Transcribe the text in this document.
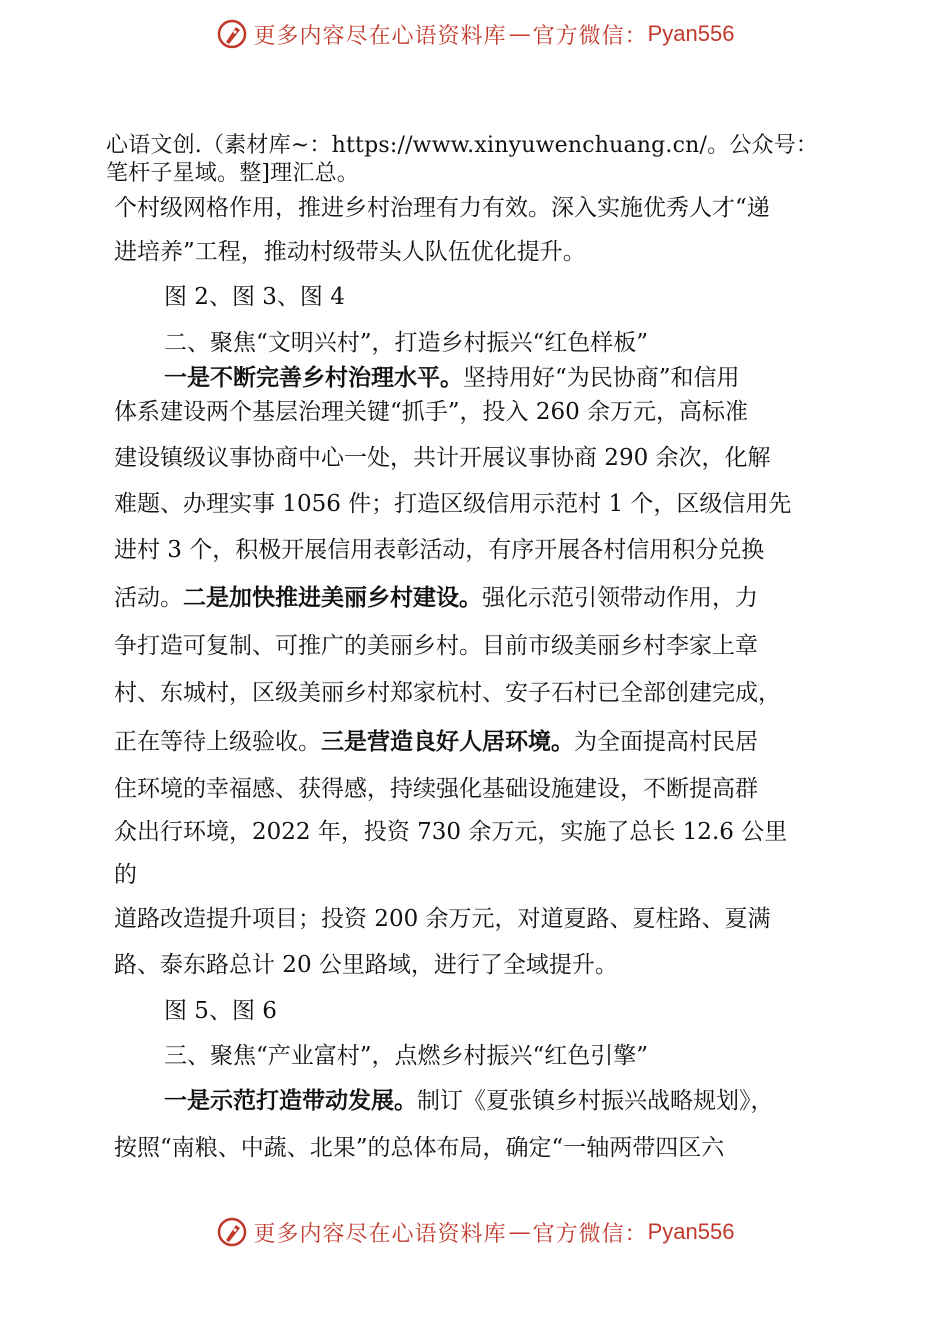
更多内容尽在心语资料库 — 官方微信： Pyan556
心语文创.（素材库~：https://www.xinyuwenchuang.cn/。公众号：
笔杆子星域。整]理汇总。
个村级网格作用，推进乡村治理有力有效。深入实施优秀人才“递
进培养”工程，推动村级带头人队伍优化提升。
图 2、图 3、图 4
二、聚焦“文明兴村”，打造乡村振兴“红色样板”
一是不断完善乡村治理水平。坚持用好“为民协商”和信用
体系建设两个基层治理关键“抓手”，投入 260 余万元，高标准
建设镇级议事协商中心一处，共计开展议事协商 290 余次，化解
难题、办理实事 1056 件；打造区级信用示范村 1 个，区级信用先
进村 3 个，积极开展信用表彰活动，有序开展各村信用积分兑换
活动。二是加快推进美丽乡村建设。强化示范引领带动作用，力
争打造可复制、可推广的美丽乡村。目前市级美丽乡村李家上章
村、东城村，区级美丽乡村郑家杭村、安子石村已全部创建完成，
正在等待上级验收。三是营造良好人居环境。为全面提高村民居
住环境的幸福感、获得感，持续强化基础设施建设，不断提高群
众出行环境，2022 年，投资 730 余万元，实施了总长 12.6 公里
的
道路改造提升项目；投资 200 余万元，对道夏路、夏柱路、夏满
路、泰东路总计 20 公里路域，进行了全域提升。
图 5、图 6
三、聚焦“产业富村”，点燃乡村振兴“红色引擎”
一是示范打造带动发展。制订《夏张镇乡村振兴战略规划》，
按照“南粮、中蔬、北果”的总体布局，确定“一轴两带四区六
更多内容尽在心语资料库 — 官方微信： Pyan556
